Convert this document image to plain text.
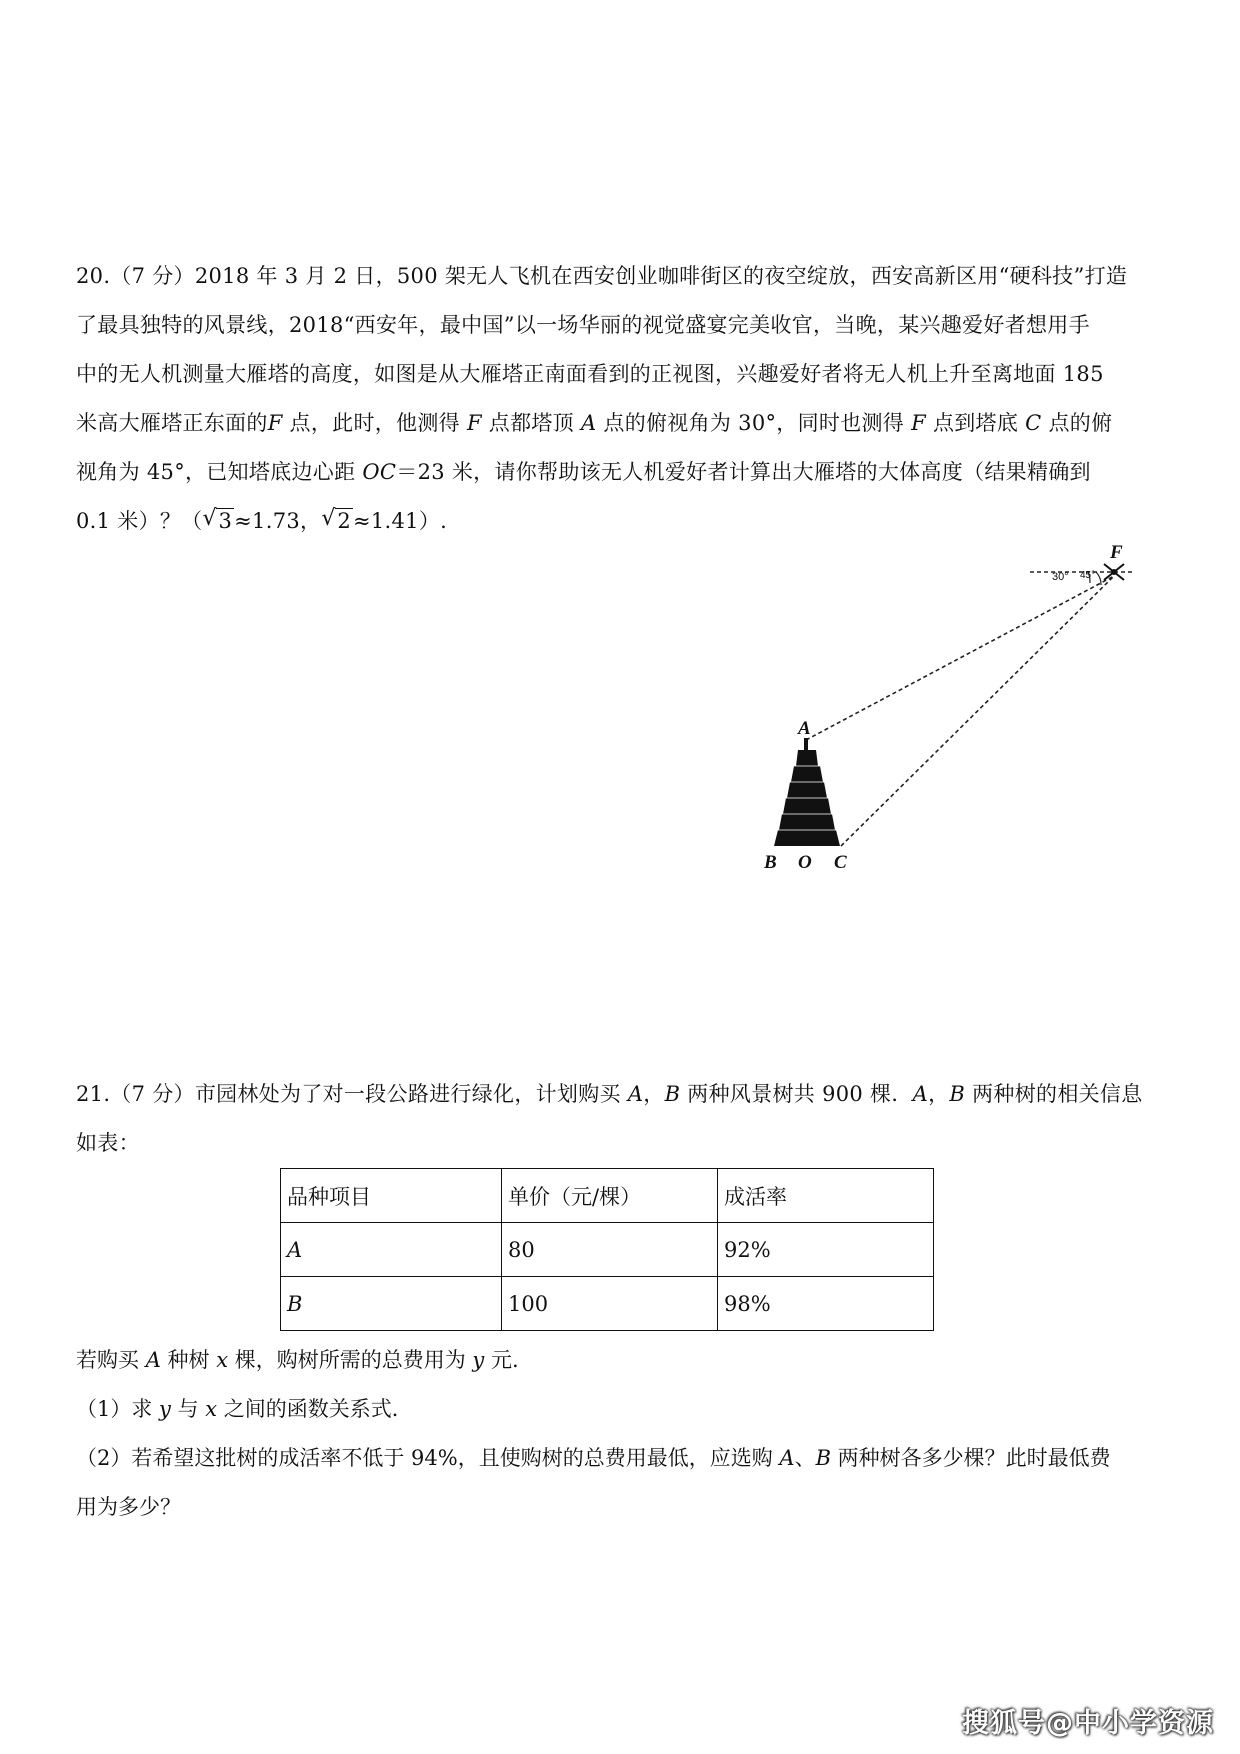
20.（7 分）2018 年 3 月 2 日，500 架无人飞机在西安创业咖啡街区的夜空绽放，西安高新区用“硬科技”打造
了最具独特的风景线，2018“西安年，最中国”以一场华丽的视觉盛宴完美收官，当晚，某兴趣爱好者想用手
中的无人机测量大雁塔的高度，如图是从大雁塔正南面看到的正视图，兴趣爱好者将无人机上升至离地面 185
米高大雁塔正东面的F 点，此时，他测得 F 点都塔顶 A 点的俯视角为 30°，同时也测得 F 点到塔底 C 点的俯
视角为 45°，已知塔底边心距 OC＝23 米，请你帮助该无人机爱好者计算出大雁塔的大体高度（结果精确到
0.1 米）？（ √ 3≈1.73， √ 2≈1.41）.
30° 45°
F
A
B O C
21.（7 分）市园林处为了对一段公路进行绿化，计划购买 A，B 两种风景树共 900 棵．A，B 两种树的相关信息
如表：
品种项目	单价（元/棵）	成活率
A	80	92%
B	100	98%
若购买 A 种树 x 棵，购树所需的总费用为 y 元.
（1）求 y 与 x 之间的函数关系式．
（2）若希望这批树的成活率不低于 94%，且使购树的总费用最低，应选购 A、B 两种树各多少棵？此时最低费
用为多少？
搜狐号@中小学资源
